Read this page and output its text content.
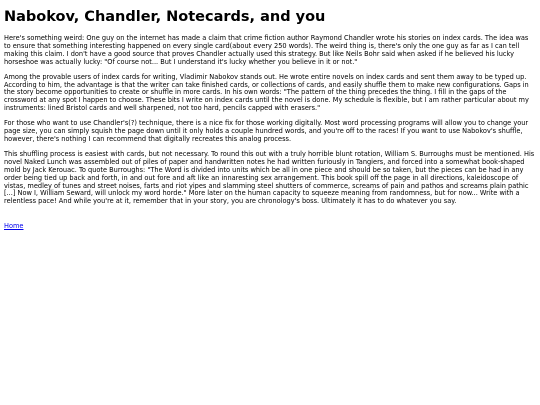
Nabokov, Chandler, Notecards, and you

Here's something weird: One guy on the internet has made a claim that crime fiction author Raymond Chandler wrote his stories on index cards. The idea was to ensure that something interesting happened on every single card(about every 250 words). The weird thing is, there's only the one guy as far as I can tell making this claim. I don't have a good source that proves Chandler actually used this strategy. But like Neils Bohr said when asked if he believed his lucky horseshoe was actually lucky: "Of course not... But I understand it's lucky whether you believe in it or not."

Among the provable users of index cards for writing, Vladimir Nabokov stands out. He wrote entire novels on index cards and sent them away to be typed up. According to him, the advantage is that the writer can take finished cards, or collections of cards, and easily shuffle them to make new configurations. Gaps in the story become opportunities to create or shuffle in more cards. In his own words: "The pattern of the thing precedes the thing. I fill in the gaps of the crossword at any spot I happen to choose. These bits I write on index cards until the novel is done. My schedule is flexible, but I am rather particular about my instruments: lined Bristol cards and well sharpened, not too hard, pencils capped with erasers."

For those who want to use Chandler's(?) technique, there is a nice fix for those working digitally. Most word processing programs will allow you to change your page size, you can simply squish the page down until it only holds a couple hundred words, and you're off to the races! If you want to use Nabokov's shuffle, however, there's nothing I can recommend that digitally recreates this analog process.

This shuffling process is easiest with cards, but not necessary. To round this out with a truly horrible blunt rotation, William S. Burroughs must be mentioned. His novel Naked Lunch was assembled out of piles of paper and handwritten notes he had written furiously in Tangiers, and forced into a somewhat book-shaped mold by Jack Kerouac. To quote Burroughs: "The Word is divided into units which be all in one piece and should be so taken, but the pieces can be had in any order being tied up back and forth, in and out fore and aft like an innaresting sex arrangement. This book spill off the page in all directions, kaleidoscope of vistas, medley of tunes and street noises, farts and riot yipes and slamming steel shutters of commerce, screams of pain and pathos and screams plain pathic [...] Now I, William Seward, will unlock my word horde." More later on the human capacity to squeeze meaning from randomness, but for now... Write with a relentless pace! And while you're at it, remember that in your story, you are chronology's boss. Ultimately it has to do whatever you say.

Home
